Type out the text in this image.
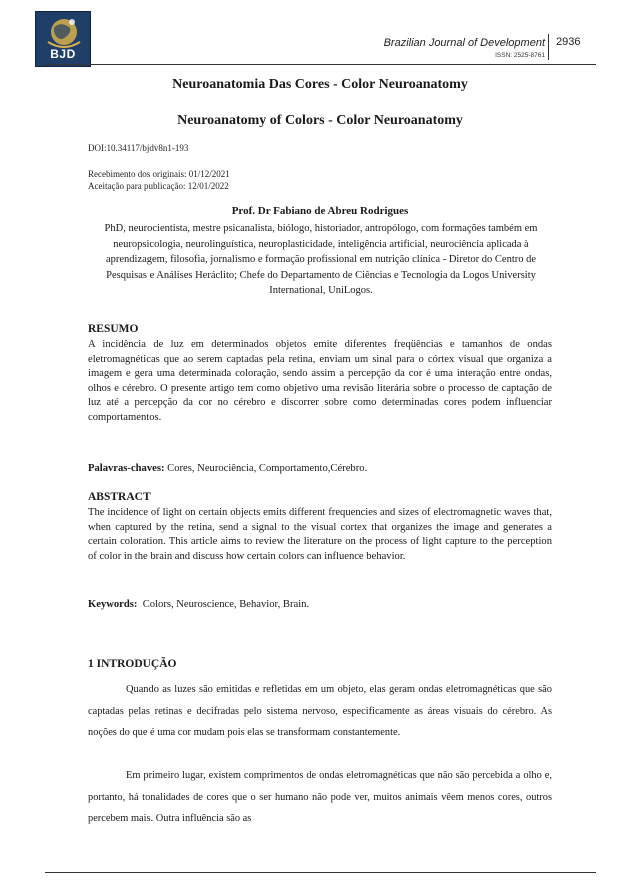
BJD
Brazilian Journal of Development
ISSN: 2525-8761
2936
Neuroanatomia Das Cores - Color Neuroanatomy
Neuroanatomy of Colors - Color Neuroanatomy
DOI:10.34117/bjdv8n1-193
Recebimento dos originais: 01/12/2021
Aceitação para publicação: 12/01/2022
Prof. Dr Fabiano de Abreu Rodrigues
PhD, neurocientista, mestre psicanalista, biólogo, historiador, antropólogo, com formações também em neuropsicologia, neurolinguística, neuroplasticidade, inteligência artificial, neurociência aplicada à aprendizagem, filosofia, jornalismo e formação profissional em nutrição clínica - Diretor do Centro de Pesquisas e Análises Heráclito; Chefe do Departamento de Ciências e Tecnologia da Logos University International, UniLogos.
RESUMO
A incidência de luz em determinados objetos emite diferentes freqüências e tamanhos de ondas eletromagnéticas que ao serem captadas pela retina, enviam um sinal para o córtex visual que organiza a imagem e gera uma determinada coloração, sendo assim a percepção da cor é uma interação entre ondas, olhos e cérebro. O presente artigo tem como objetivo uma revisão literária sobre o processo de captação de luz até a percepção da cor no cérebro e discorrer sobre como determinadas cores podem influenciar comportamentos.
Palavras-chaves: Cores, Neurociência, Comportamento,Cérebro.
ABSTRACT
The incidence of light on certain objects emits different frequencies and sizes of electromagnetic waves that, when captured by the retina, send a signal to the visual cortex that organizes the image and generates a certain coloration. This article aims to review the literature on the process of light capture to the perception of color in the brain and discuss how certain colors can influence behavior.
Keywords: Colors, Neuroscience, Behavior, Brain.
1 INTRODUÇÃO
Quando as luzes são emitidas e refletidas em um objeto, elas geram ondas eletromagnéticas que são captadas pelas retinas e decifradas pelo sistema nervoso, especificamente as áreas visuais do cérebro. As noções do que é uma cor mudam pois elas se transformam constantemente.
Em primeiro lugar, existem comprimentos de ondas eletromagnéticas que não são percebida a olho e, portanto, há tonalidades de cores que o ser humano não pode ver, muitos animais vêem menos cores, outros percebem mais. Outra influência são as
